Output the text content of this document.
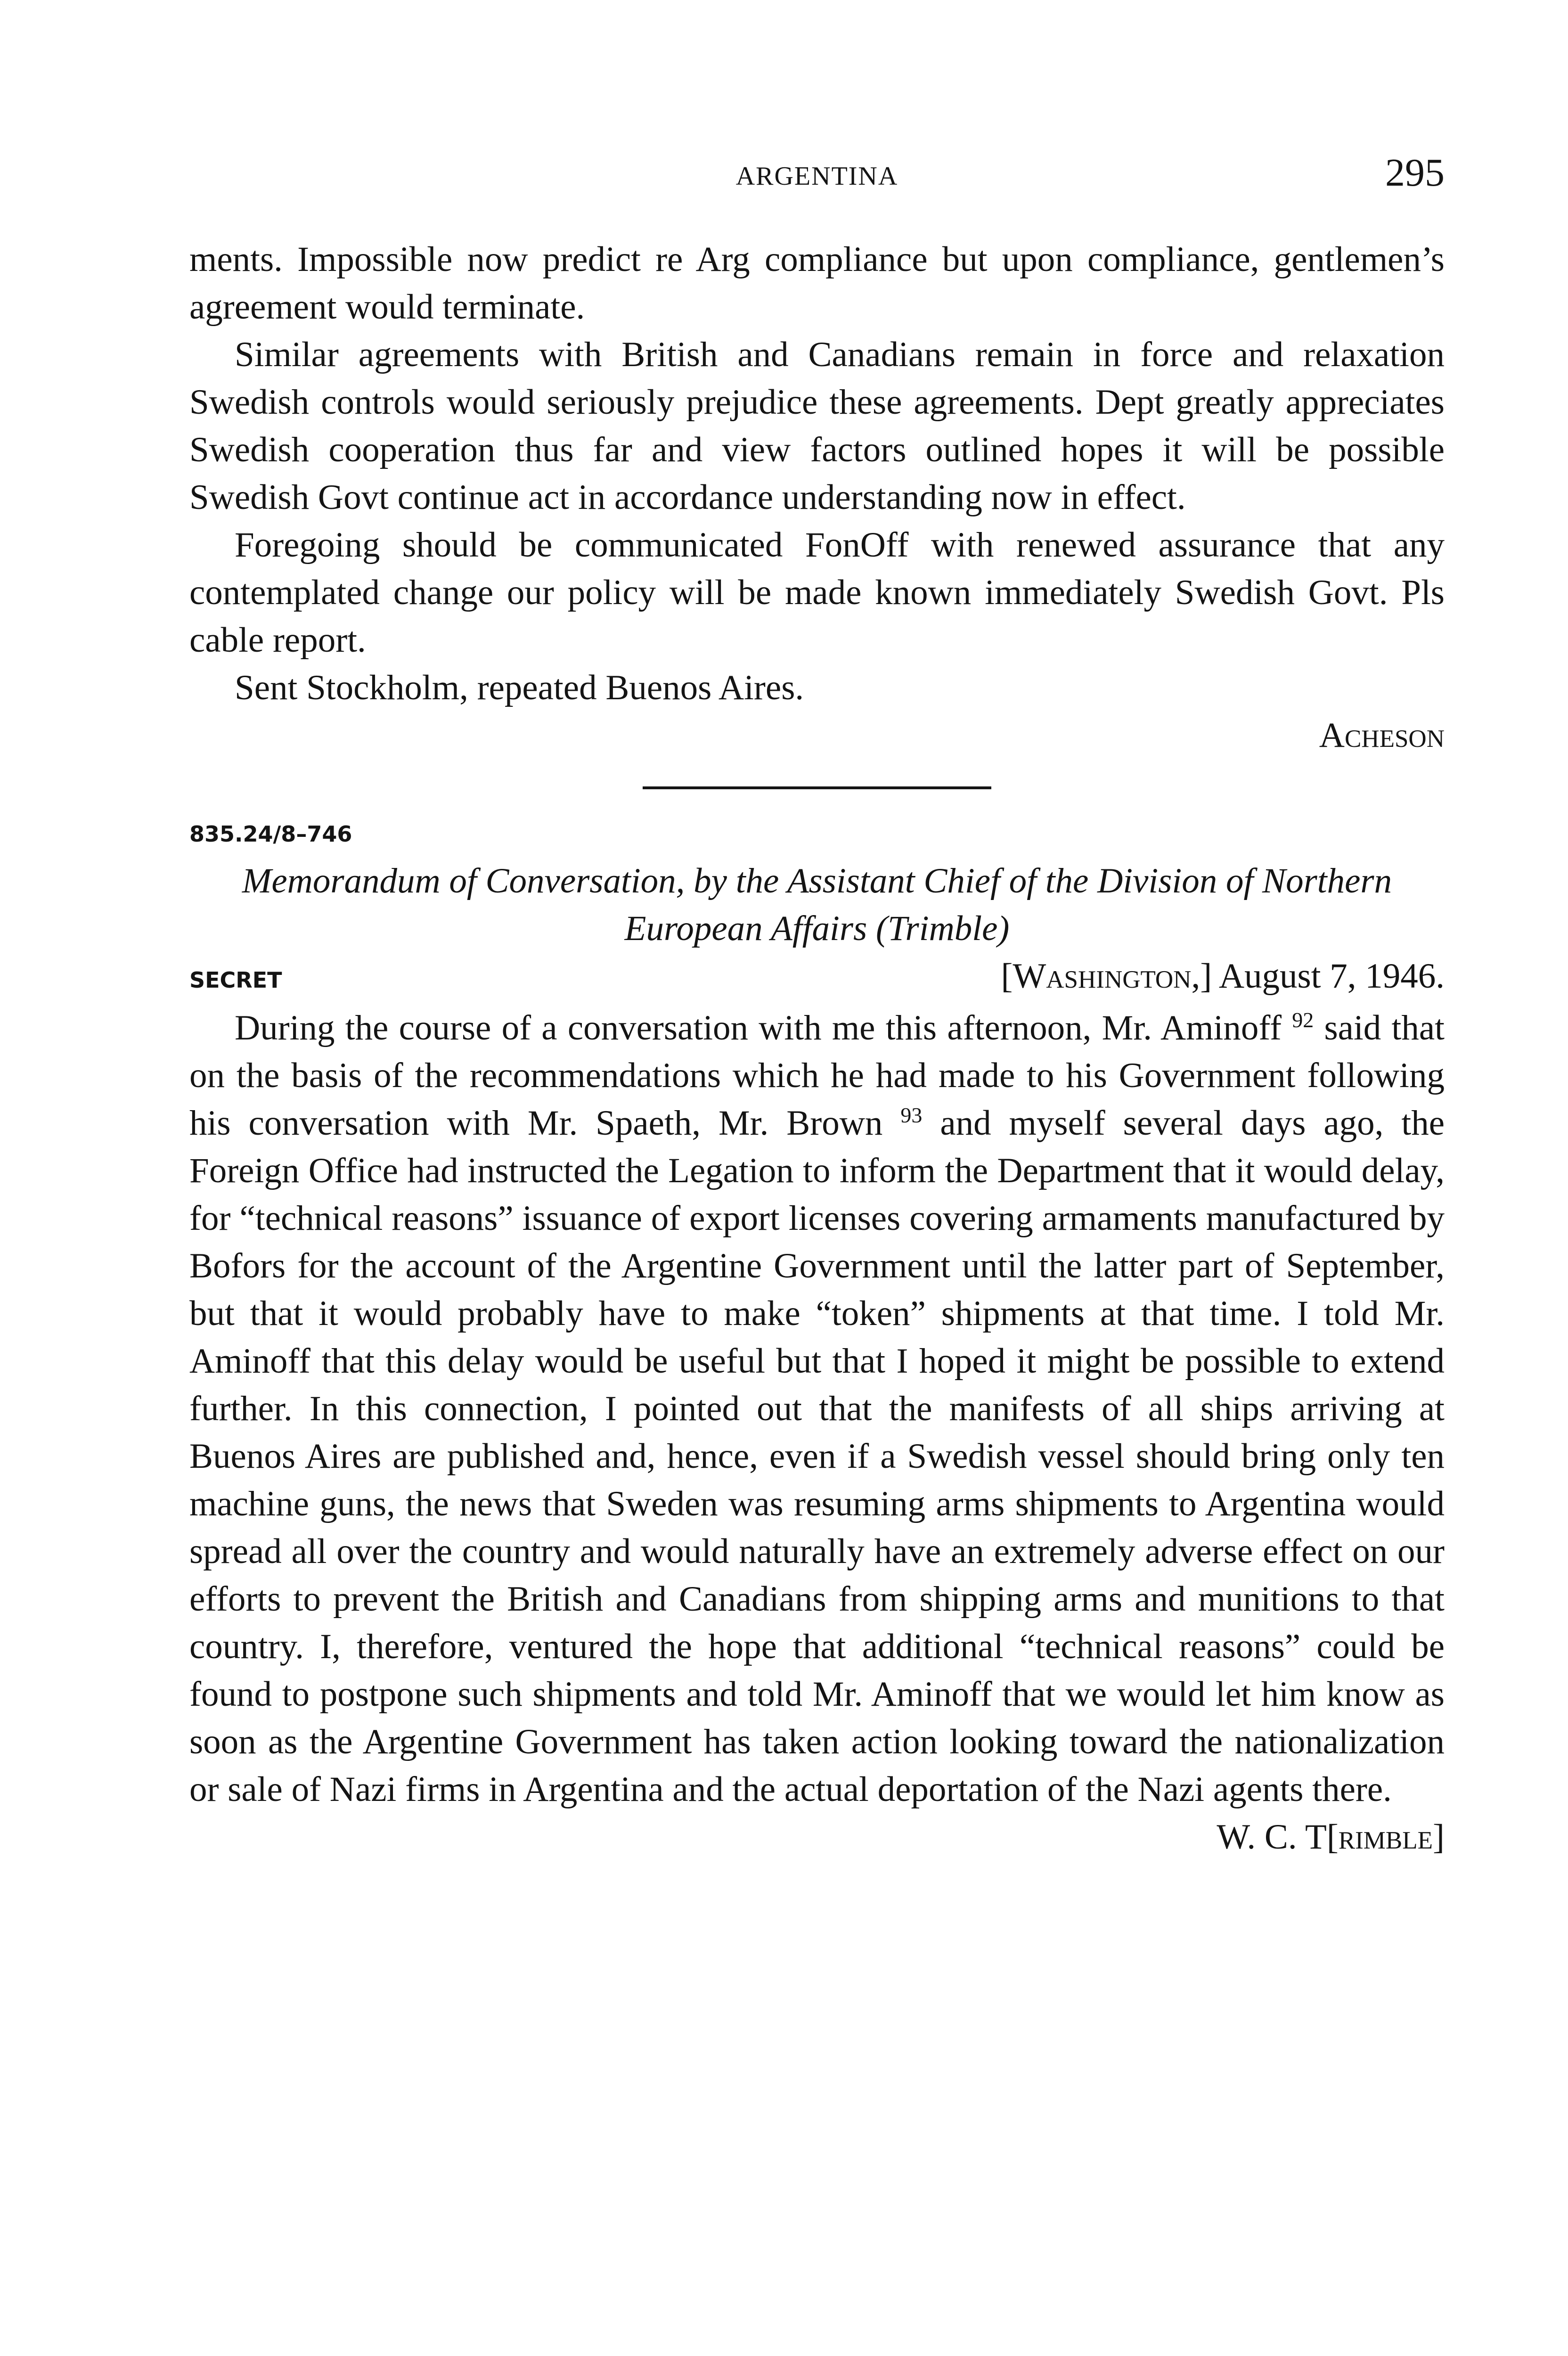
ARGENTINA	295

ments. Impossible now predict re Arg compliance but upon compliance, gentlemen’s agreement would terminate.

Similar agreements with British and Canadians remain in force and relaxation Swedish controls would seriously prejudice these agreements. Dept greatly appreciates Swedish cooperation thus far and view factors outlined hopes it will be possible Swedish Govt continue act in accordance understanding now in effect.

Foregoing should be communicated FonOff with renewed assurance that any contemplated change our policy will be made known immediately Swedish Govt. Pls cable report.

Sent Stockholm, repeated Buenos Aires.

Acheson

835.24/8–746

Memorandum of Conversation, by the Assistant Chief of the Division of Northern European Affairs (Trimble)

SECRET	[Washington,] August 7, 1946.

During the course of a conversation with me this afternoon, Mr. Aminoff $^{92}$ said that on the basis of the recommendations which he had made to his Government following his conversation with Mr. Spaeth, Mr. Brown $^{93}$ and myself several days ago, the Foreign Office had instructed the Legation to inform the Department that it would delay, for “technical reasons” issuance of export licenses covering armaments manufactured by Bofors for the account of the Argentine Government until the latter part of September, but that it would probably have to make “token” shipments at that time. I told Mr. Aminoff that this delay would be useful but that I hoped it might be possible to extend further. In this connection, I pointed out that the manifests of all ships arriving at Buenos Aires are published and, hence, even if a Swedish vessel should bring only ten machine guns, the news that Sweden was resuming arms shipments to Argentina would spread all over the country and would naturally have an extremely adverse effect on our efforts to prevent the British and Canadians from shipping arms and munitions to that country. I, therefore, ventured the hope that additional “technical reasons” could be found to postpone such shipments and told Mr. Aminoff that we would let him know as soon as the Argentine Government has taken action looking toward the nationalization or sale of Nazi firms in Argentina and the actual deportation of the Nazi agents there.

W. C. T[rimble]
